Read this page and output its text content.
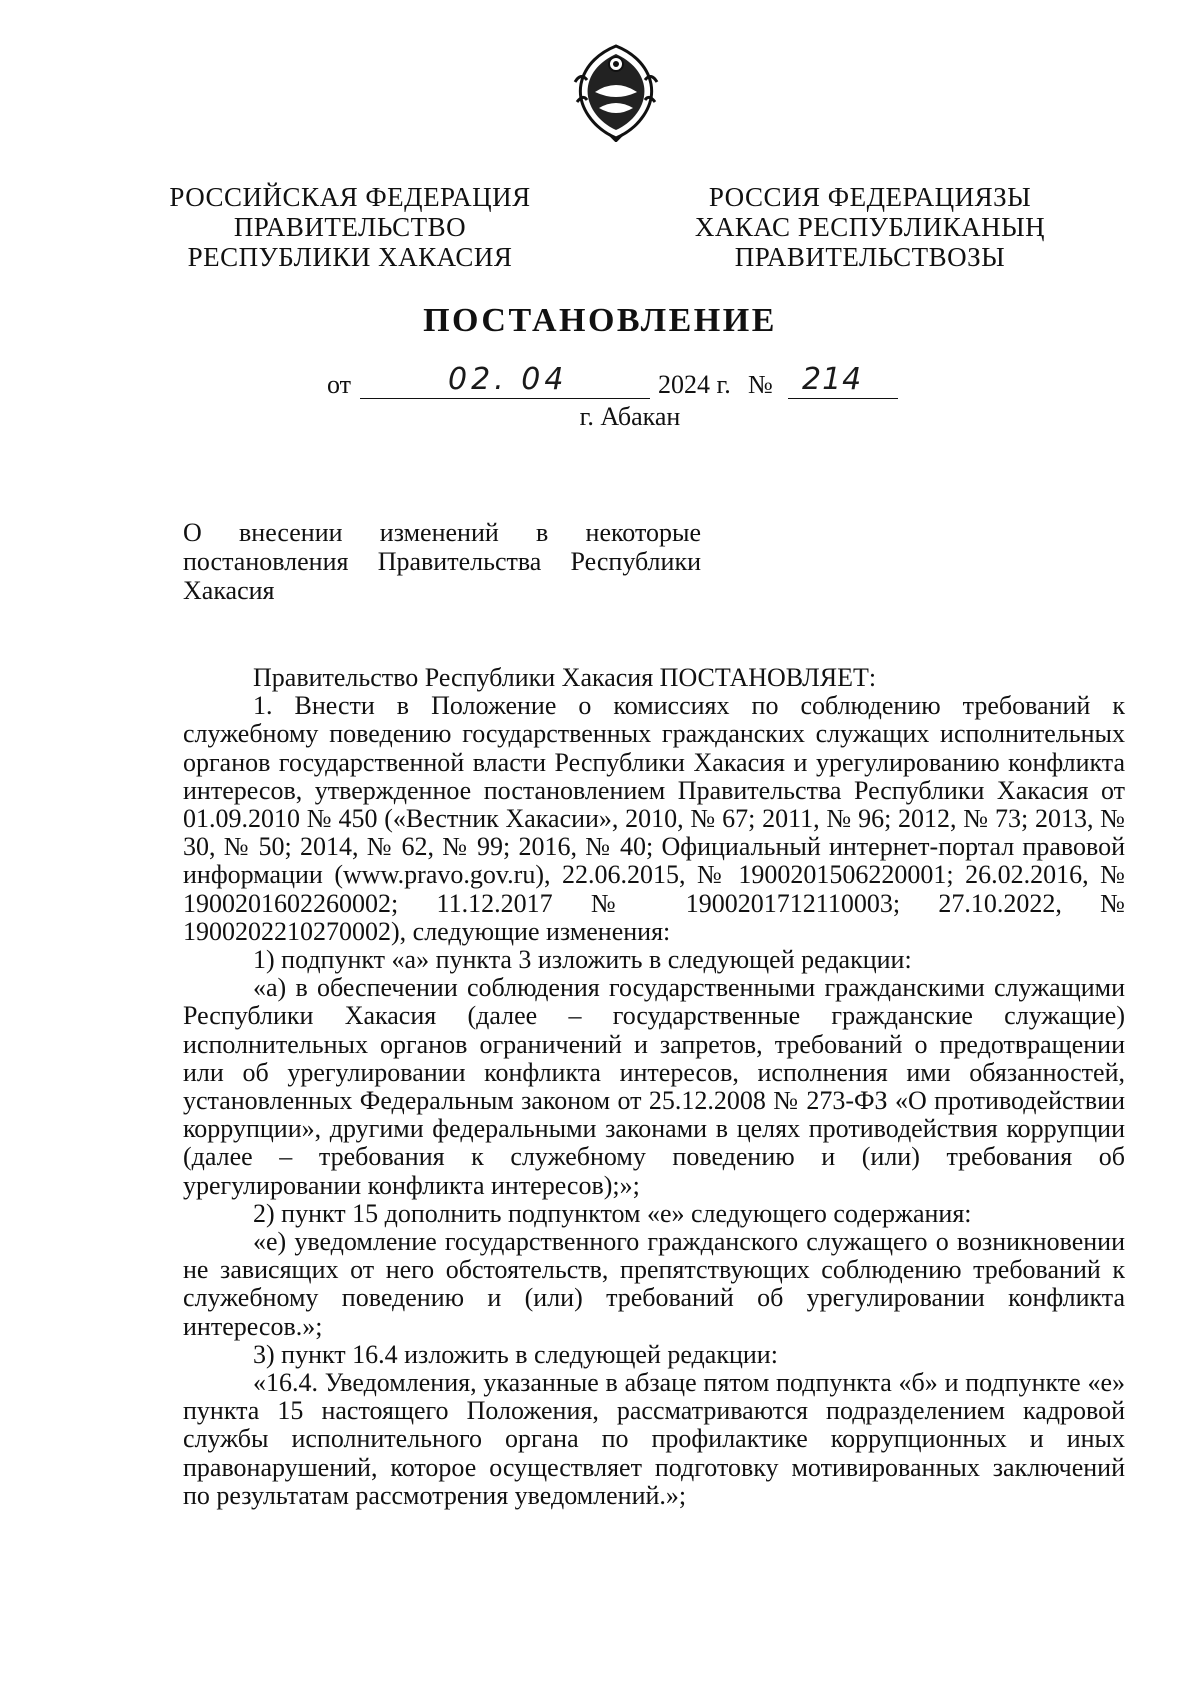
РОССИЙСКАЯ ФЕДЕРАЦИЯ
ПРАВИТЕЛЬСТВО
РЕСПУБЛИКИ ХАКАСИЯ
РОССИЯ ФЕДЕРАЦИЯЗЫ
ХАКАС РЕСПУБЛИКАНЫҢ
ПРАВИТЕЛЬСТВОЗЫ
ПОСТАНОВЛЕНИЕ
от	02. 04	2024 г. № 214
г. Абакан

О внесении изменений в некоторые

постановления Правительства Республики

Хакасия

Правительство Республики Хакасия ПОСТАНОВЛЯЕТ:

1. Внести в Положение о комиссиях по соблюдению требований к служебному поведению государственных гражданских служащих исполнительных органов государственной власти Республики Хакасия и урегулированию конфликта интересов, утвержденное постановлением Правительства Республики Хакасия от 01.09.2010 № 450 («Вестник Хакасии», 2010, № 67; 2011, № 96; 2012, № 73; 2013, № 30, № 50; 2014, № 62, № 99; 2016, № 40; Официальный интернет-портал правовой информации (www.pravo.gov.ru), 22.06.2015, № 1900201506220001; 26.02.2016, № 1900201602260002; 11.12.2017 № 1900201712110003; 27.10.2022, № 1900202210270002), следующие изменения:

1) подпункт «а» пункта 3 изложить в следующей редакции:

«а) в обеспечении соблюдения государственными гражданскими служащими Республики Хакасия (далее – государственные гражданские служащие) исполнительных органов ограничений и запретов, требований о предотвращении или об урегулировании конфликта интересов, исполнения ими обязанностей, установленных Федеральным законом от 25.12.2008 № 273-ФЗ «О противодействии коррупции», другими федеральными законами в целях противодействия коррупции (далее – требования к служебному поведению и (или) требования об урегулировании конфликта интересов);»;

2) пункт 15 дополнить подпунктом «е» следующего содержания:

«е) уведомление государственного гражданского служащего о возникновении не зависящих от него обстоятельств, препятствующих соблюдению требований к служебному поведению и (или) требований об урегулировании конфликта интересов.»;

3) пункт 16.4 изложить в следующей редакции:

«16.4. Уведомления, указанные в абзаце пятом подпункта «б» и подпункте «е» пункта 15 настоящего Положения, рассматриваются подразделением кадровой службы исполнительного органа по профилактике коррупционных и иных правонарушений, которое осуществляет подготовку мотивированных заключений по результатам рассмотрения уведомлений.»;
